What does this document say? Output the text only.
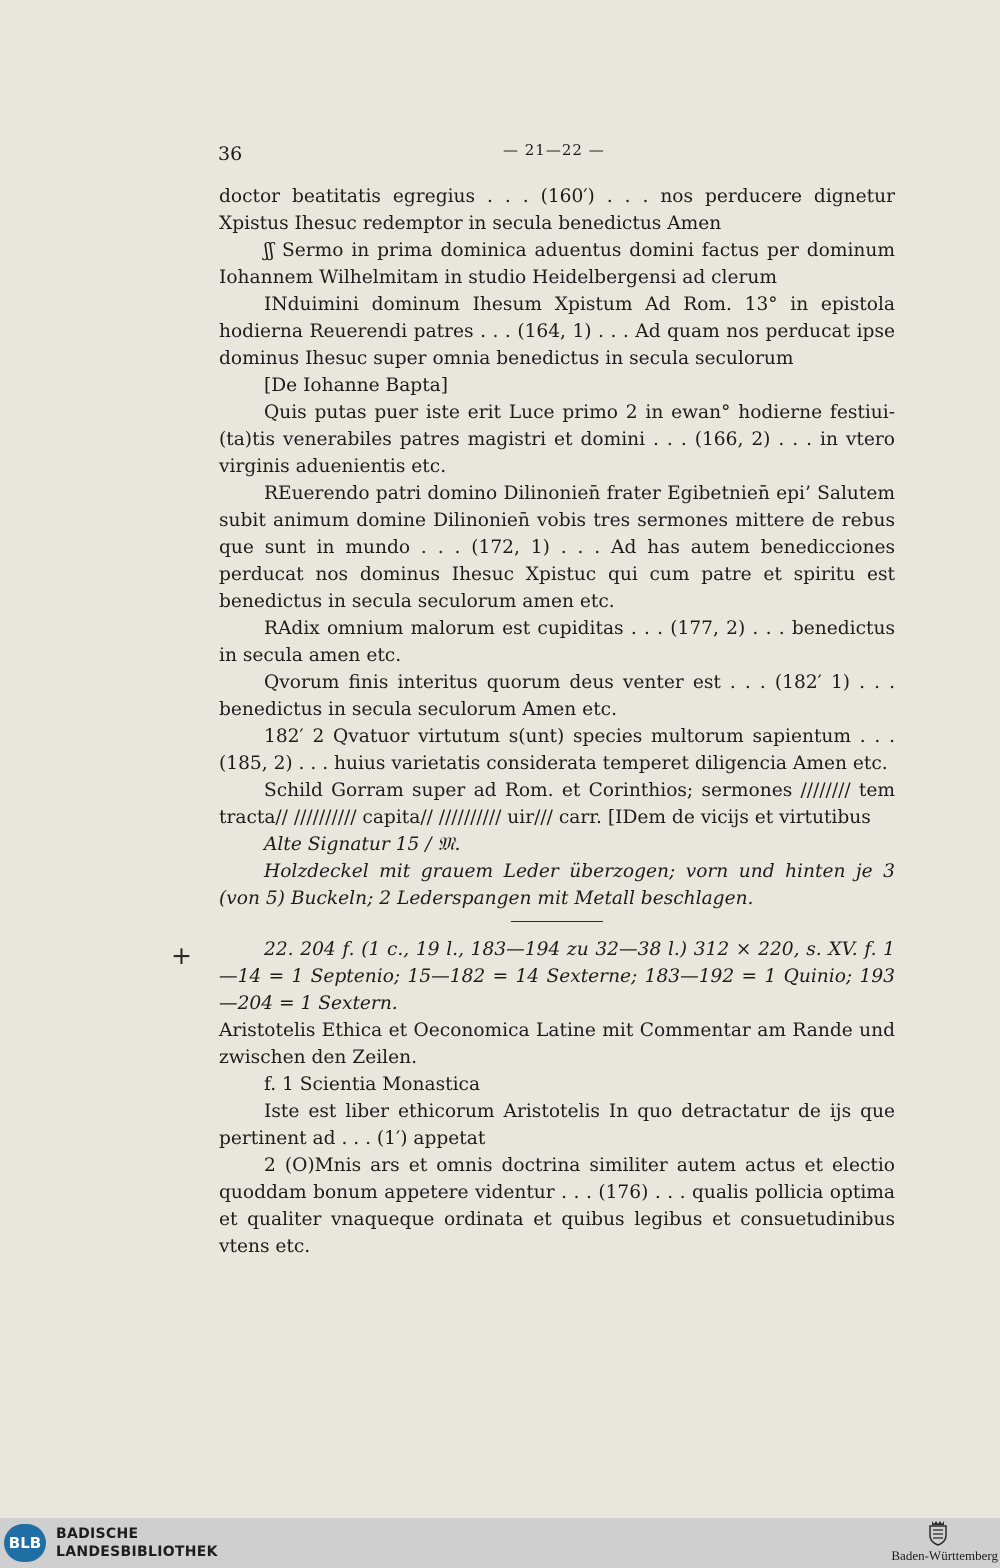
36	— 21—22 —

doctor beatitatis egregius . . . (160′) . . . nos perducere dignetur Xpistus Ihesuc redemptor in secula benedictus Amen

ʃʃ Sermo in prima dominica aduentus domini factus per dominum Iohannem Wilhelmitam in studio Heidelbergensi ad clerum

INduimini dominum Ihesum Xpistum Ad Rom. 13° in epistola hodierna Reuerendi patres . . . (164, 1) . . . Ad quam nos perducat ipse dominus Ihesuc super omnia benedictus in secula seculorum

[De Iohanne Bapta]

Quis putas puer iste erit Luce primo 2 in ewan° hodierne festiui-(ta)tis venerabiles patres magistri et domini . . . (166, 2) . . . in vtero virginis aduenientis etc.

REuerendo patri domino Dilinonien̄ frater Egibetnien̄ epi’ Salutem subit animum domine Dilinonien̄ vobis tres sermones mittere de rebus que sunt in mundo . . . (172, 1) . . . Ad has autem benedicciones perducat nos dominus Ihesuc Xpistuc qui cum patre et spiritu est benedictus in secula seculorum amen etc.

RAdix omnium malorum est cupiditas . . . (177, 2) . . . benedictus in secula amen etc.

Qvorum finis interitus quorum deus venter est . . . (182′ 1) . . . benedictus in secula seculorum Amen etc.

182′ 2 Qvatuor virtutum s(unt) species multorum sapientum . . . (185, 2) . . . huius varietatis considerata temperet diligencia Amen etc.

Schild Gorram super ad Rom. et Corinthios; sermones //////// tem tracta// ////////// capita// ////////// uir/// carr. [IDem de vicijs et virtutibus

Alte Signatur 15 / 𝔐.

Holzdeckel mit grauem Leder überzogen; vorn und hinten je 3 (von 5) Buckeln; 2 Lederspangen mit Metall beschlagen.

22. 204 f. (1 c., 19 l., 183—194 zu 32—38 l.) 312 × 220, s. XV. f. 1—14 = 1 Septenio; 15—182 = 14 Sexterne; 183—192 = 1 Quinio; 193—204 = 1 Sextern.

Aristotelis Ethica et Oeconomica Latine mit Commentar am Rande und zwischen den Zeilen.

f. 1 Scientia Monastica

Iste est liber ethicorum Aristotelis In quo detractatur de ijs que pertinent ad . . . (1′) appetat

2 (O)Mnis ars et omnis doctrina similiter autem actus et electio quoddam bonum appetere videntur . . . (176) . . . qualis pollicia optima et qualiter vnaqueque ordinata et quibus legibus et consuetudinibus vtens etc.

+
BLB	BADISCHE
LANDESBIBLIOTHEK	Baden-Württemberg
